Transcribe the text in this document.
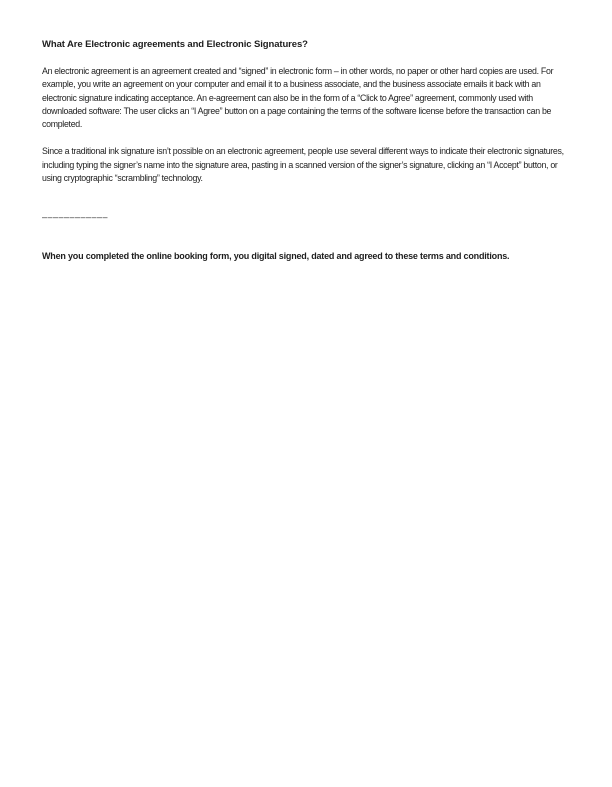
What Are Electronic agreements and Electronic Signatures?

An electronic agreement is an agreement created and “signed” in electronic form – in other words, no paper or other hard copies are used. For example, you write an agreement on your computer and email it to a business associate, and the business associate emails it back with an electronic signature indicating acceptance. An e-agreement can also be in the form of a “Click to Agree” agreement, commonly used with downloaded software: The user clicks an “I Agree” button on a page containing the terms of the software license before the transaction can be completed.

Since a traditional ink signature isn’t possible on an electronic agreement, people use several different ways to indicate their electronic signatures, including typing the signer’s name into the signature area, pasting in a scanned version of the signer’s signature, clicking an “I Accept” button, or using cryptographic “scrambling” technology.

––––––––––––

When you completed the online booking form, you digital signed, dated and agreed to these terms and conditions.
